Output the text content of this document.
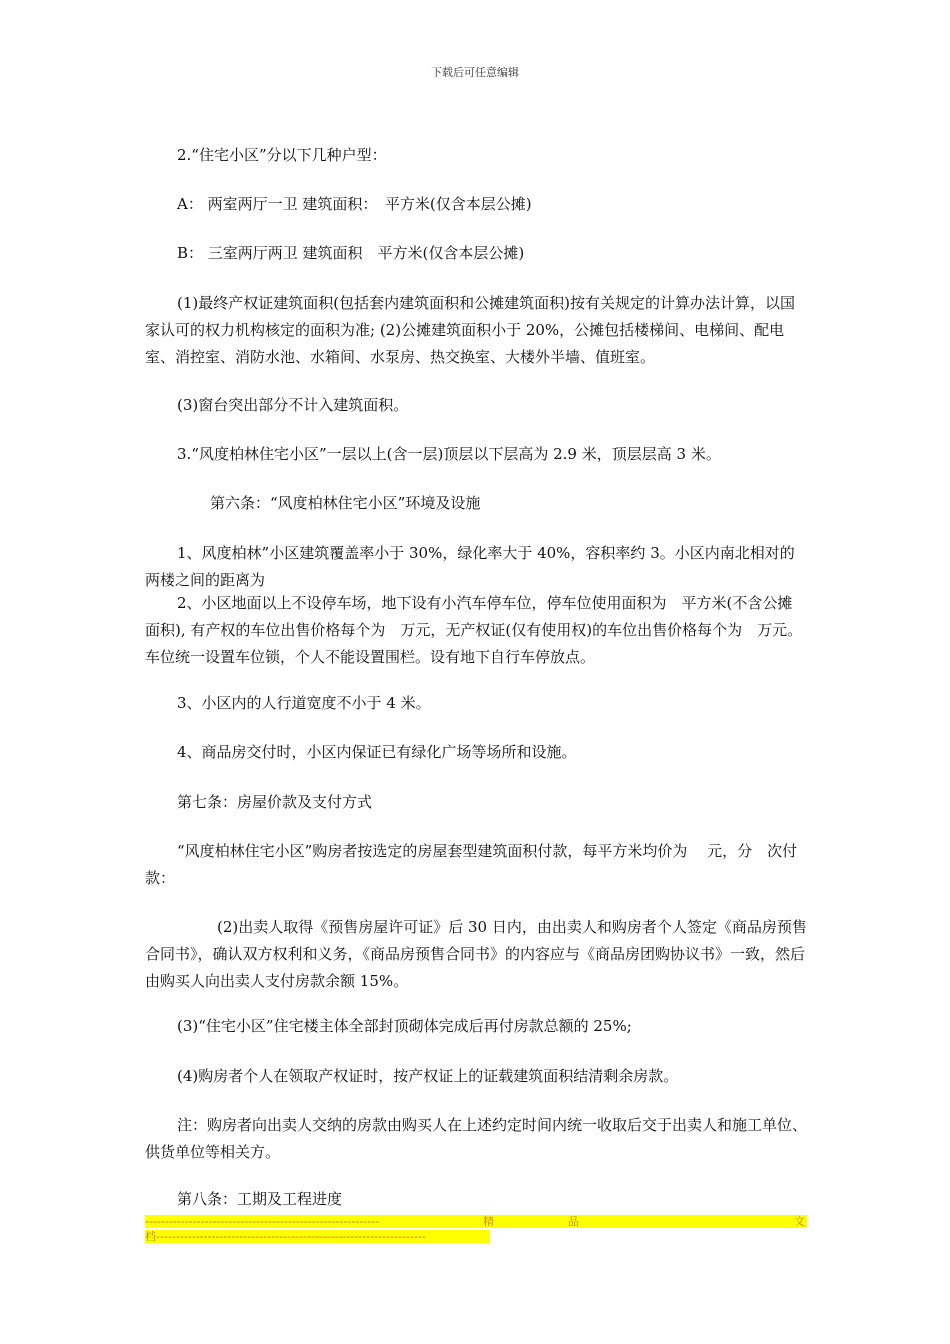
下载后可任意编辑

2.“住宅小区”分以下几种户型：

A： 两室两厅一卫 建筑面积：　平方米(仅含本层公摊)

B： 三室两厅两卫 建筑面积　平方米(仅含本层公摊)

(1)最终产权证建筑面积(包括套内建筑面积和公摊建筑面积)按有关规定的计算办法计算，以国家认可的权力机构核定的面积为准; (2)公摊建筑面积小于 20%，公摊包括楼梯间、电梯间、配电室、消控室、消防水池、水箱间、水泵房、热交换室、大楼外半墙、值班室。

(3)窗台突出部分不计入建筑面积。

3.“风度柏林住宅小区”一层以上(含一层)顶层以下层高为 2.9 米，顶层层高 3 米。

第六条：“风度柏林住宅小区”环境及设施

1、风度柏林”小区建筑覆盖率小于 30%，绿化率大于 40%，容积率约 3。小区内南北相对的两楼之间的距离为

2、小区地面以上不设停车场，地下设有小汽车停车位，停车位使用面积为　平方米(不含公摊面积), 有产权的车位出售价格每个为　万元，无产权证(仅有使用权)的车位出售价格每个为　万元。车位统一设置车位锁，个人不能设置围栏。设有地下自行车停放点。

3、小区内的人行道宽度不小于 4 米。

4、商品房交付时，小区内保证已有绿化广场等场所和设施。

第七条：房屋价款及支付方式

“风度柏林住宅小区”购房者按选定的房屋套型建筑面积付款，每平方米均价为　 元，分　次付款：

(2)出卖人取得《预售房屋许可证》后 30 日内，由出卖人和购房者个人签定《商品房预售合同书》，确认双方权利和义务，《商品房预售合同书》的内容应与《商品房团购协议书》一致，然后由购买人向出卖人支付房款余额 15%。

(3)“住宅小区”住宅楼主体全部封顶砌体完成后再付房款总额的 25%;

(4)购房者个人在领取产权证时，按产权证上的证载建筑面积结清剩余房款。

注：购房者向出卖人交纳的房款由购买人在上述约定时间内统一收取后交于出卖人和施工单位、供货单位等相关方。

第八条：工期及工程进度

-----------------------------------------------------------	精	品	文
档--------------------------------------------------------------------
